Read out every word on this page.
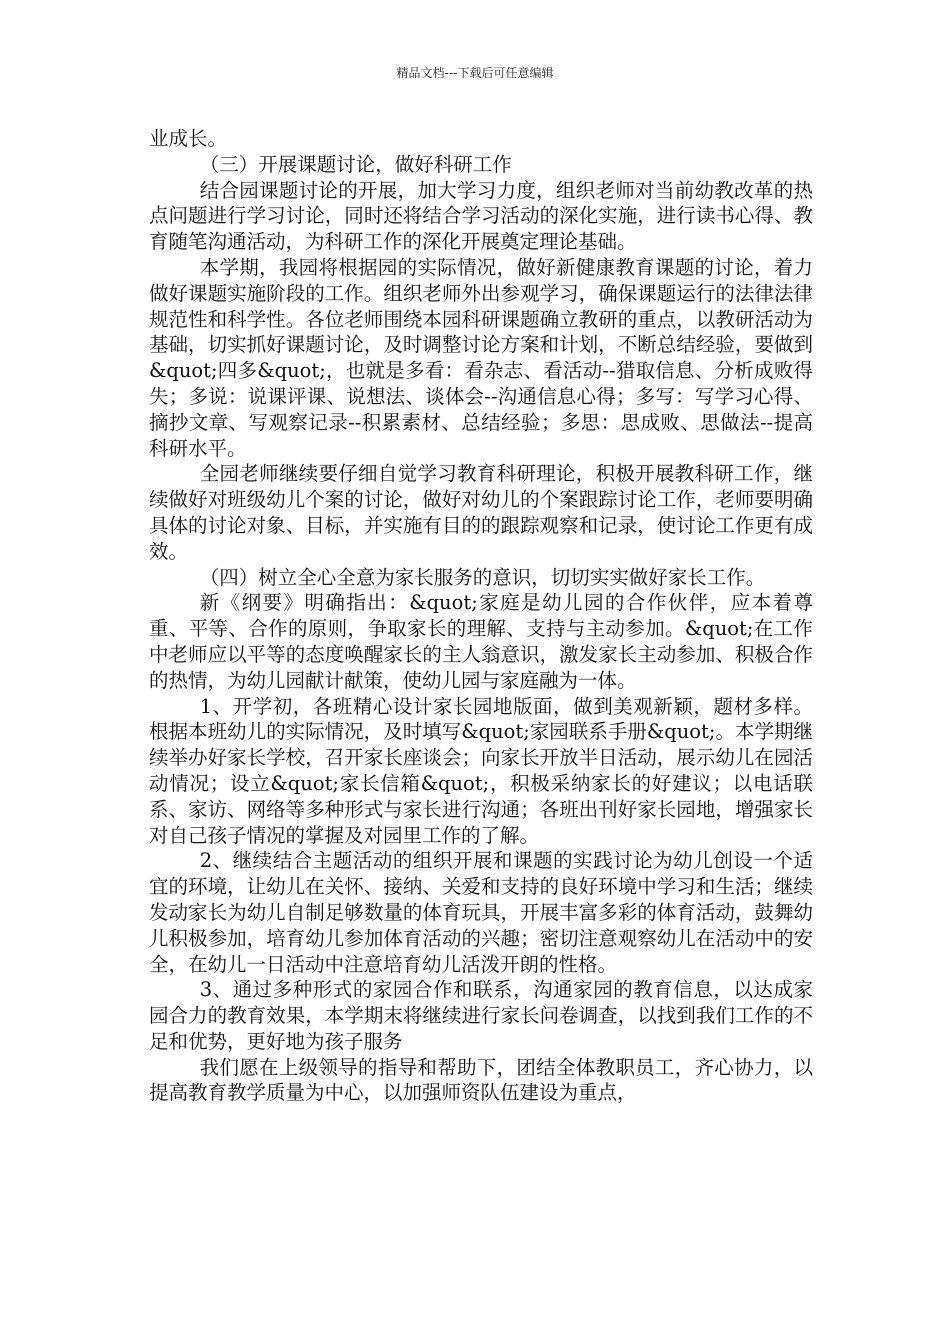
精品文档---下载后可任意编辑

业成长。

（三）开展课题讨论，做好科研工作

结合园课题讨论的开展，加大学习力度，组织老师对当前幼教改革的热点问题进行学习讨论，同时还将结合学习活动的深化实施，进行读书心得、教育随笔沟通活动，为科研工作的深化开展奠定理论基础。

本学期，我园将根据园的实际情况，做好新健康教育课题的讨论，着力做好课题实施阶段的工作。组织老师外出参观学习，确保课题运行的法律法律规范性和科学性。各位老师围绕本园科研课题确立教研的重点，以教研活动为基础，切实抓好课题讨论，及时调整讨论方案和计划，不断总结经验，要做到&quot;四多&quot;，也就是多看：看杂志、看活动--猎取信息、分析成败得失；多说：说课评课、说想法、谈体会--沟通信息心得；多写：写学习心得、摘抄文章、写观察记录--积累素材、总结经验；多思：思成败、思做法--提高科研水平。

全园老师继续要仔细自觉学习教育科研理论，积极开展教科研工作，继续做好对班级幼儿个案的讨论，做好对幼儿的个案跟踪讨论工作，老师要明确具体的讨论对象、目标，并实施有目的的跟踪观察和记录，使讨论工作更有成效。

（四）树立全心全意为家长服务的意识，切切实实做好家长工作。

新《纲要》明确指出：&quot;家庭是幼儿园的合作伙伴，应本着尊重、平等、合作的原则，争取家长的理解、支持与主动参加。&quot;在工作中老师应以平等的态度唤醒家长的主人翁意识，激发家长主动参加、积极合作的热情，为幼儿园献计献策，使幼儿园与家庭融为一体。

1、开学初，各班精心设计家长园地版面，做到美观新颖，题材多样。根据本班幼儿的实际情况，及时填写&quot;家园联系手册&quot;。本学期继续举办好家长学校，召开家长座谈会；向家长开放半日活动，展示幼儿在园活动情况；设立&quot;家长信箱&quot;，积极采纳家长的好建议；以电话联系、家访、网络等多种形式与家长进行沟通；各班出刊好家长园地，增强家长对自己孩子情况的掌握及对园里工作的了解。

2、继续结合主题活动的组织开展和课题的实践讨论为幼儿创设一个适宜的环境，让幼儿在关怀、接纳、关爱和支持的良好环境中学习和生活；继续发动家长为幼儿自制足够数量的体育玩具，开展丰富多彩的体育活动，鼓舞幼儿积极参加，培育幼儿参加体育活动的兴趣；密切注意观察幼儿在活动中的安全，在幼儿一日活动中注意培育幼儿活泼开朗的性格。

3、通过多种形式的家园合作和联系，沟通家园的教育信息，以达成家园合力的教育效果，本学期末将继续进行家长问卷调查，以找到我们工作的不足和优势，更好地为孩子服务

我们愿在上级领导的指导和帮助下，团结全体教职员工，齐心协力，以提高教育教学质量为中心，以加强师资队伍建设为重点，
